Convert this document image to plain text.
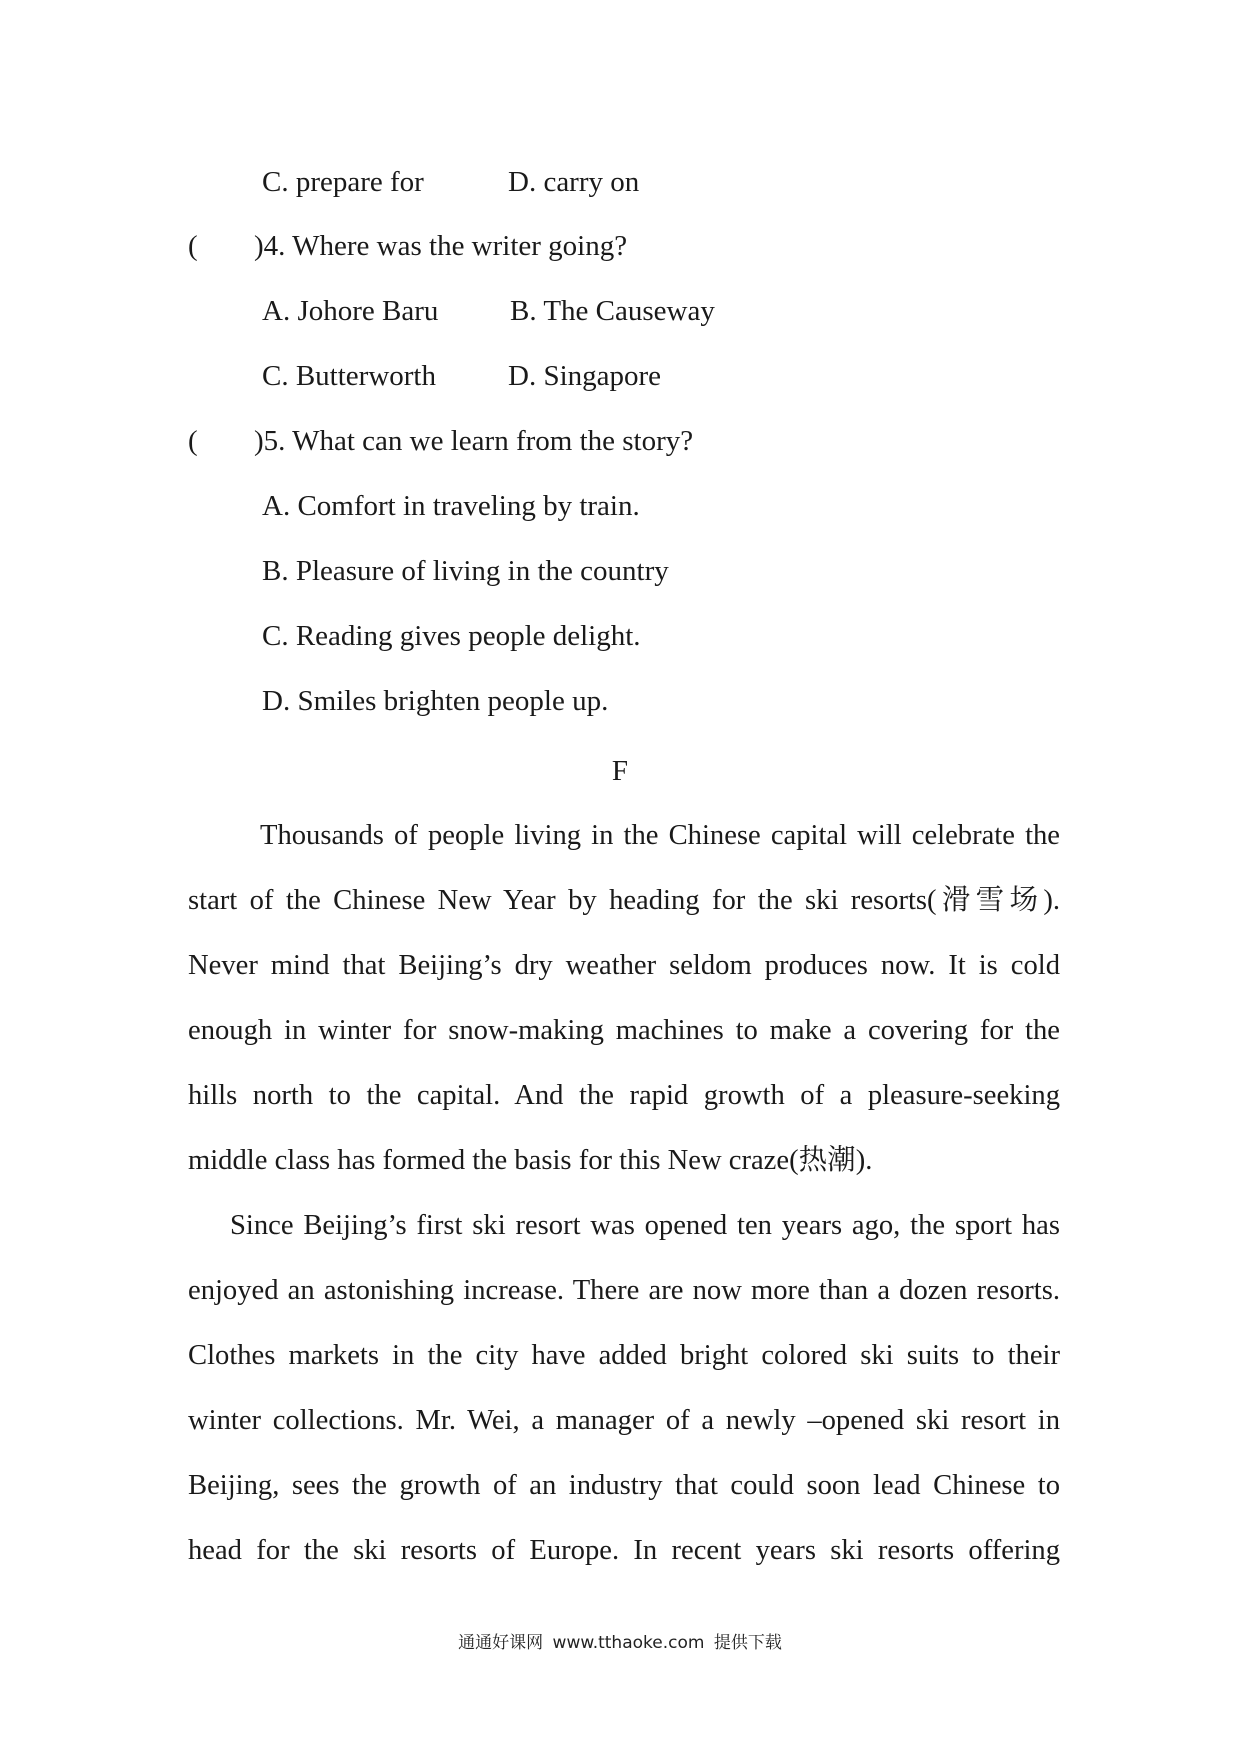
C. prepare for	D. carry on
( )4. Where was the writer going?
A. Johore Baru B. The Causeway
C. Butterworth D. Singapore
( )5. What can we learn from the story?
A. Comfort in traveling by train.
B. Pleasure of living in the country
C. Reading gives people delight.
D. Smiles brighten people up.
F
Thousands of people living in the Chinese capital will celebrate the
start of the Chinese New Year by heading for the ski resorts(滑雪场).
Never mind that Beijing’s dry weather seldom produces now. It is cold
enough in winter for snow-making machines to make a covering for the
hills north to the capital. And the rapid growth of a pleasure-seeking
middle class has formed the basis for this New craze(热潮).
Since Beijing’s first ski resort was opened ten years ago, the sport has
enjoyed an astonishing increase. There are now more than a dozen resorts.
Clothes markets in the city have added bright colored ski suits to their
winter collections. Mr. Wei, a manager of a newly –opened ski resort in
Beijing, sees the growth of an industry that could soon lead Chinese to
head for the ski resorts of Europe. In recent years ski resorts offering
通通好课网 www.tthaoke.com 提供下载
